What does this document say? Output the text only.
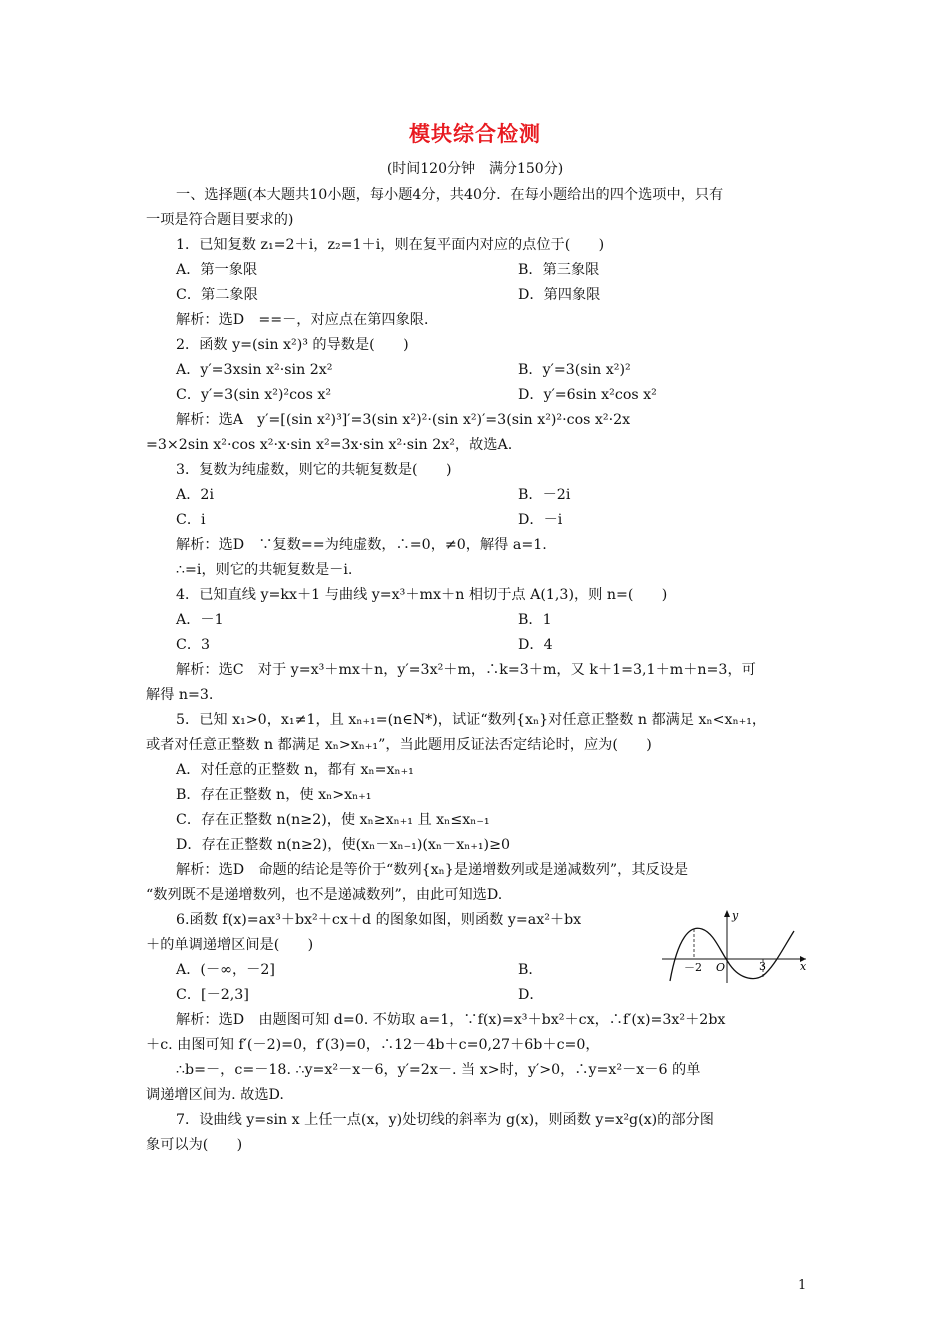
模块综合检测
(时间120分钟　满分150分)
一、选择题(本大题共10小题，每小题4分，共40分．在每小题给出的四个选项中，只有
一项是符合题目要求的)
1．已知复数 z₁=2＋i，z₂=1＋i，则在复平面内对应的点位于(　　)
A．第一象限	B．第三象限
C．第二象限	D．第四象限
解析：选D　==－，对应点在第四象限．
2．函数 y=(sin x²)³ 的导数是(　　)
A．y′=3xsin x²·sin 2x²	B．y′=3(sin x²)²
C．y′=3(sin x²)²cos x²	D．y′=6sin x²cos x²
解析：选A　y′=[(sin x²)³]′=3(sin x²)²·(sin x²)′=3(sin x²)²·cos x²·2x
=3×2sin x²·cos x²·x·sin x²=3x·sin x²·sin 2x²，故选A.
3．复数为纯虚数，则它的共轭复数是(　　)
A．2i	B．－2i
C．i	D．－i
解析：选D　∵复数==为纯虚数，∴=0，≠0，解得 a=1.
∴=i，则它的共轭复数是－i.
4．已知直线 y=kx＋1 与曲线 y=x³＋mx＋n 相切于点 A(1,3)，则 n=(　　)
A．－1	B．1
C．3	D．4
解析：选C　对于 y=x³＋mx＋n，y′=3x²＋m，∴k=3＋m，又 k＋1=3,1＋m＋n=3，可
解得 n=3.
5．已知 x₁>0，x₁≠1，且 xₙ₊₁=(n∈N*)，试证“数列{xₙ}对任意正整数 n 都满足 xₙ<xₙ₊₁，
或者对任意正整数 n 都满足 xₙ>xₙ₊₁”，当此题用反证法否定结论时，应为(　　)
A．对任意的正整数 n，都有 xₙ=xₙ₊₁
B．存在正整数 n，使 xₙ>xₙ₊₁
C．存在正整数 n(n≥2)，使 xₙ≥xₙ₊₁ 且 xₙ≤xₙ₋₁
D．存在正整数 n(n≥2)，使(xₙ－xₙ₋₁)(xₙ－xₙ₊₁)≥0
解析：选D　命题的结论是等价于“数列{xₙ}是递增数列或是递减数列”，其反设是
“数列既不是递增数列，也不是递减数列”，由此可知选D.
6.函数 f(x)=ax³＋bx²＋cx＋d 的图象如图，则函数 y=ax²＋bx
＋的单调递增区间是(　　)
A．(－∞，－2]	B．
C．[－2,3]	D．
解析：选D　由题图可知 d=0. 不妨取 a=1，∵f(x)=x³＋bx²＋cx，∴f′(x)=3x²＋2bx
＋c. 由图可知 f′(－2)=0，f′(3)=0，∴12－4b＋c=0,27＋6b＋c=0，
∴b=－，c=－18. ∴y=x²－x－6，y′=2x－. 当 x>时，y′>0，∴y=x²－x－6 的单
调递增区间为. 故选D.
7．设曲线 y=sin x 上任一点(x，y)处切线的斜率为 g(x)，则函数 y=x²g(x)的部分图
象可以为(　　)
y
x
O
－2	3
1
